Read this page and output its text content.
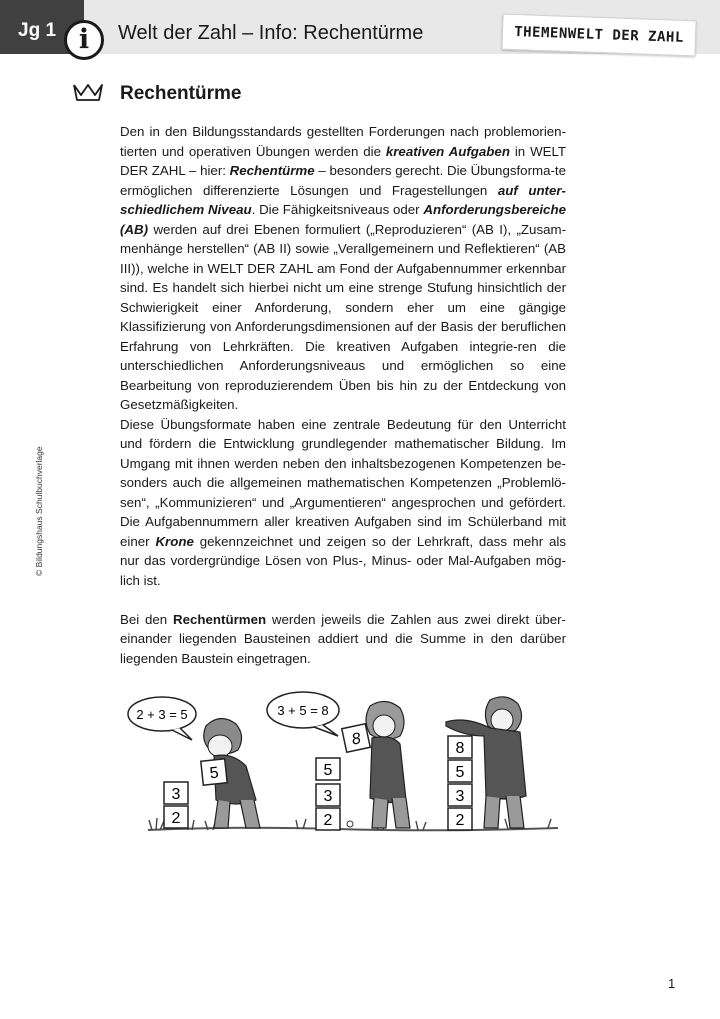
Jg 1 i	Welt der Zahl – Info: Rechentürme	THEMENWELT DER ZAHL
Rechentürme

Den in den Bildungsstandards gestellten Forderungen nach problemorien-tierten und operativen Übungen werden die kreativen Aufgaben in WELT DER ZAHL – hier: Rechentürme – besonders gerecht. Die Übungsforma-te ermöglichen differenzierte Lösungen und Fragestellungen auf unter-schiedlichem Niveau. Die Fähigkeitsniveaus oder Anforderungsbereiche (AB) werden auf drei Ebenen formuliert („Reproduzieren“ (AB I), „Zusam-menhänge herstellen“ (AB II) sowie „Verallgemeinern und Reflektieren“ (AB III)), welche in WELT DER ZAHL am Fond der Aufgabennummer erkennbar sind. Es handelt sich hierbei nicht um eine strenge Stufung hinsichtlich der Schwierigkeit einer Anforderung, sondern eher um eine gängige Klassifizierung von Anforderungsdimensionen auf der Basis der beruflichen Erfahrung von Lehrkräften. Die kreativen Aufgaben integrie-ren die unterschiedlichen Anforderungsniveaus und ermöglichen so eine Bearbeitung von reproduzierendem Üben bis hin zu der Entdeckung von Gesetzmäßigkeiten.

Diese Übungsformate haben eine zentrale Bedeutung für den Unterricht und fördern die Entwicklung grundlegender mathematischer Bildung. Im Umgang mit ihnen werden neben den inhaltsbezogenen Kompetenzen be-sonders auch die allgemeinen mathematischen Kompetenzen „Problemlö-sen“, „Kommunizieren“ und „Argumentieren“ angesprochen und gefördert. Die Aufgabennummern aller kreativen Aufgaben sind im Schülerband mit einer Krone gekennzeichnet und zeigen so der Lehrkraft, dass mehr als nur das vordergründige Lösen von Plus-, Minus- oder Mal-Aufgaben mög-lich ist.

Bei den Rechentürmen werden jeweils die Zahlen aus zwei direkt über-einander liegenden Bausteinen addiert und die Summe in den darüber liegenden Baustein eingetragen.

© Bildungshaus Schulbuchverlage
2 + 3 = 5	3 + 5 = 8
2
3
5
2
3
5
8
2
3
5
8
1
